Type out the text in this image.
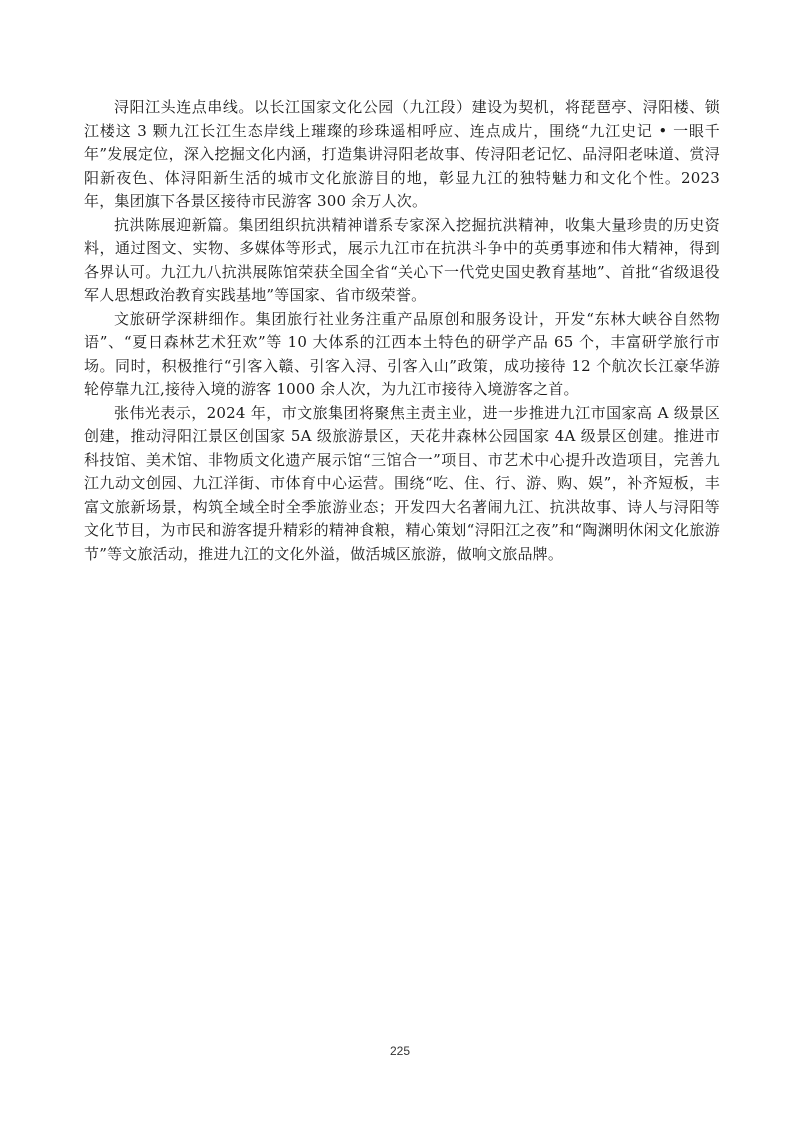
浔阳江头连点串线。以长江国家文化公园（九江段）建设为契机，将琵琶亭、浔阳楼、锁江楼这 3 颗九江长江生态岸线上璀璨的珍珠遥相呼应、连点成片，围绕“九江史记 • 一眼千年”发展定位，深入挖掘文化内涵，打造集讲浔阳老故事、传浔阳老记忆、品浔阳老味道、赏浔阳新夜色、体浔阳新生活的城市文化旅游目的地，彰显九江的独特魅力和文化个性。2023 年，集团旗下各景区接待市民游客 300 余万人次。

抗洪陈展迎新篇。集团组织抗洪精神谱系专家深入挖掘抗洪精神，收集大量珍贵的历史资料，通过图文、实物、多媒体等形式，展示九江市在抗洪斗争中的英勇事迹和伟大精神，得到各界认可。九江九八抗洪展陈馆荣获全国全省“关心下一代党史国史教育基地”、首批“省级退役军人思想政治教育实践基地”等国家、省市级荣誉。

文旅研学深耕细作。集团旅行社业务注重产品原创和服务设计，开发“东林大峡谷自然物语”、“夏日森林艺术狂欢”等 10 大体系的江西本土特色的研学产品 65 个，丰富研学旅行市场。同时，积极推行“引客入赣、引客入浔、引客入山”政策，成功接待 12 个航次长江豪华游轮停靠九江,接待入境的游客 1000 余人次，为九江市接待入境游客之首。

张伟光表示，2024 年，市文旅集团将聚焦主责主业，进一步推进九江市国家高 A 级景区创建，推动浔阳江景区创国家 5A 级旅游景区，天花井森林公园国家 4A 级景区创建。推进市科技馆、美术馆、非物质文化遗产展示馆“三馆合一”项目、市艺术中心提升改造项目，完善九江九动文创园、九江洋街、市体育中心运营。围绕“吃、住、行、游、购、娱”，补齐短板，丰富文旅新场景，构筑全域全时全季旅游业态；开发四大名著闹九江、抗洪故事、诗人与浔阳等文化节目，为市民和游客提升精彩的精神食粮，精心策划“浔阳江之夜”和“陶渊明休闲文化旅游节”等文旅活动，推进九江的文化外溢，做活城区旅游，做响文旅品牌。

225
